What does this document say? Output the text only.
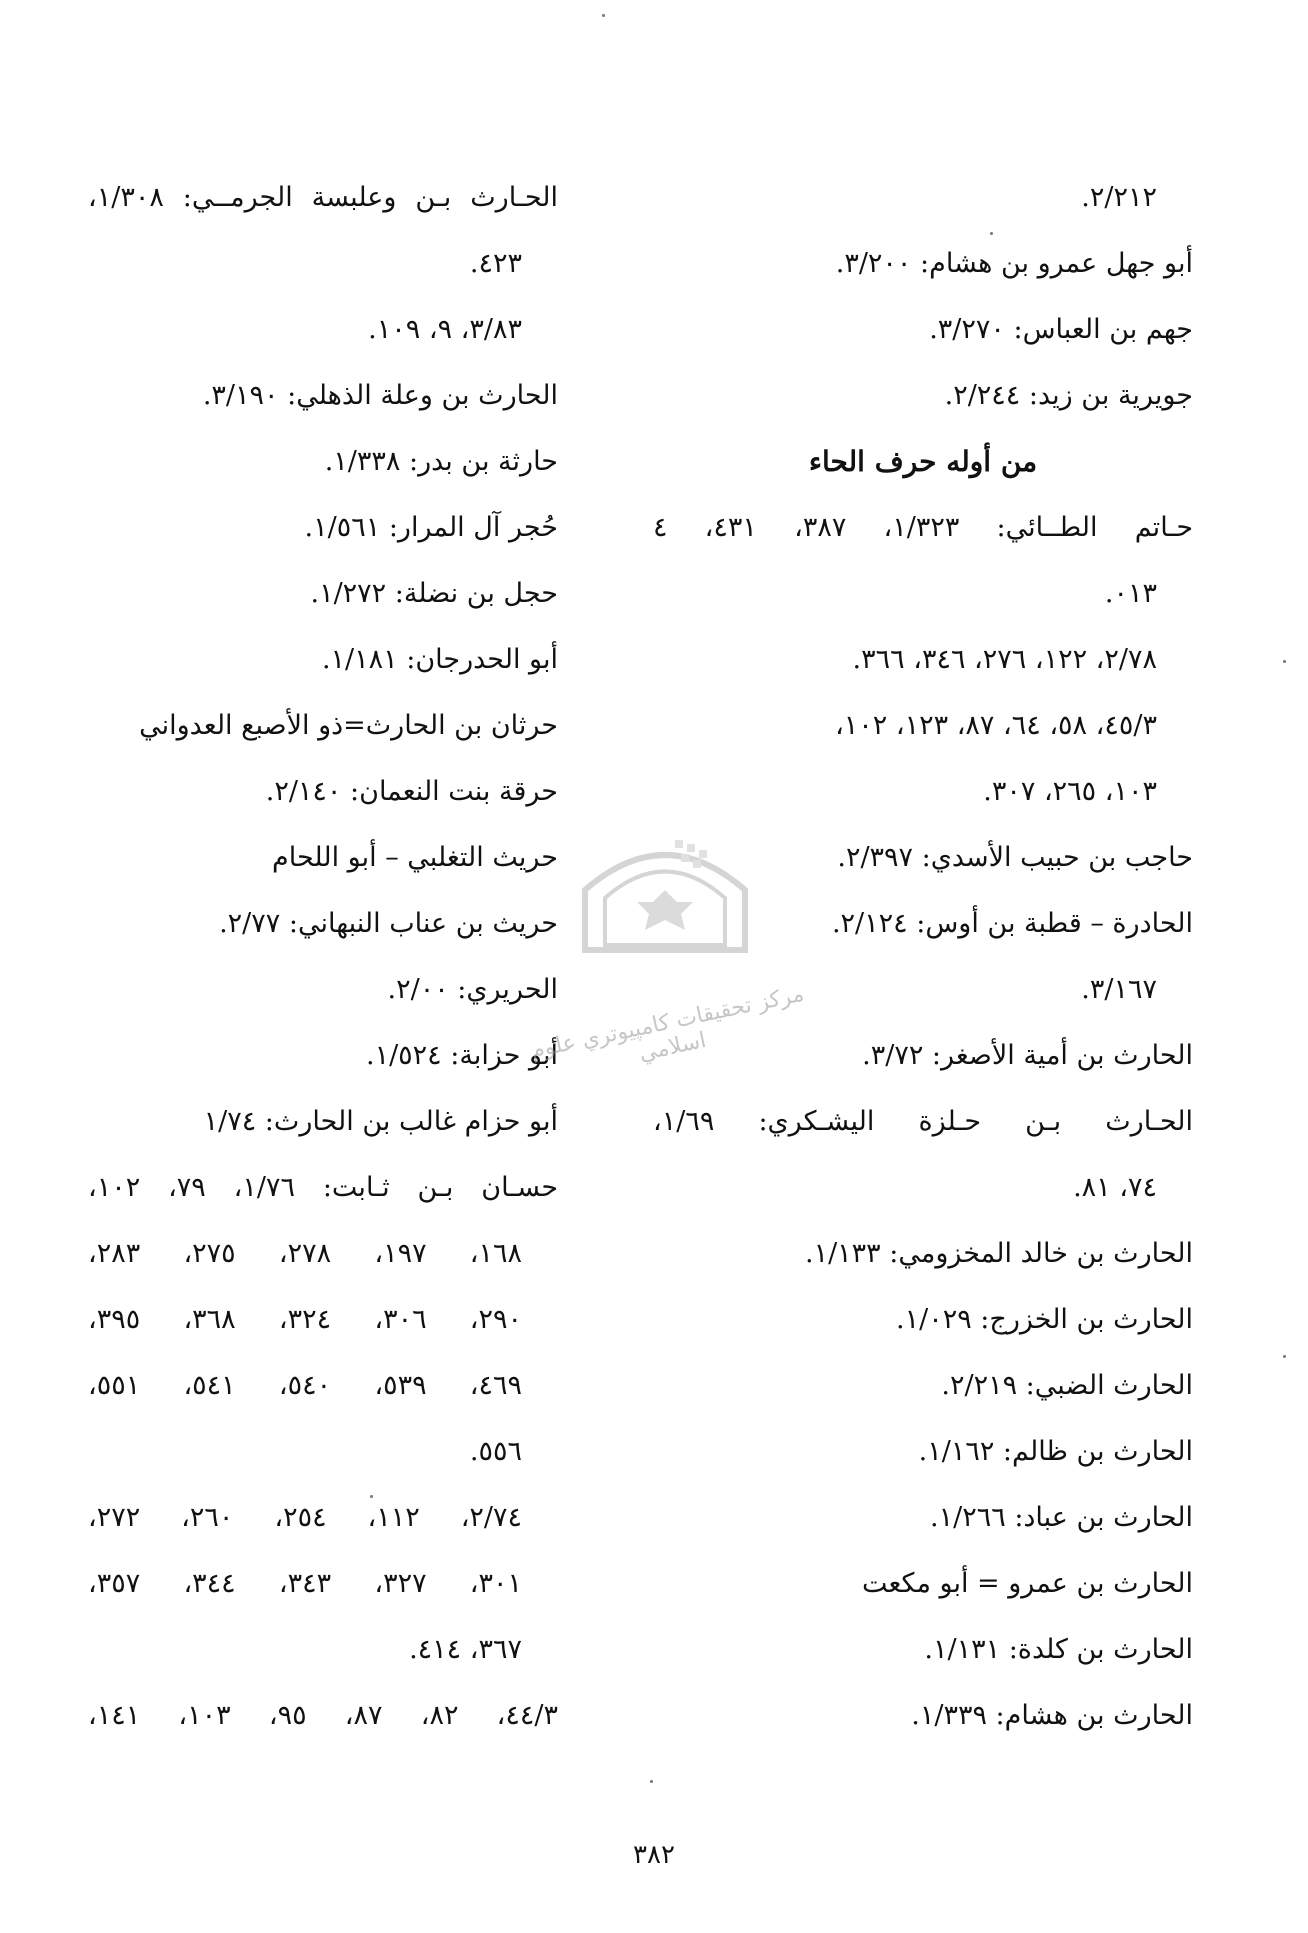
۲/۲۱۲.
أبو جهل عمرو بن هشام: ۳/۲۰۰.
جهم بن العباس: ۳/۲۷۰.
جويرية بن زيد: ۲/۲٤٤.
من أوله حرف الحاء
حـاتم الطــائي: ۱/۳۲۳، ۳۸۷، ٤۳۱، ٤
۰۱۳.
۲/۷۸، ۱۲۲، ۲۷٦، ۳٤٦، ۳٦٦.
۳/٤٥، ٥٨، ٦٤، ۸۷، ۱۲۳، ۱۰۲،
۱۰۳، ۲٦٥، ۳۰۷.
حاجب بن حبيب الأسدي: ۲/۳۹۷.
الحادرة – قطبة بن أوس: ۲/۱۲٤.
۳/۱٦۷.
الحارث بن أمية الأصغر: ۳/۷۲.
الحـارث بـن حـلزة اليشـكري: ۱/٦٩،
۷٤، ۸۱.
الحارث بن خالد المخزومي: ۱/۱۳۳.
الحارث بن الخزرج: ۱/۰۲۹.
الحارث الضبي: ۲/۲۱۹.
الحارث بن ظالم: ۱/۱٦۲.
الحارث بن عباد: ۱/۲٦٦.
الحارث بن عمرو = أبو مكعت
الحارث بن كلدة: ۱/۱۳۱.
الحارث بن هشام: ۱/۳۳۹.
الحـارث بـن وعلبسة الجرمــي: ۱/۳۰۸،
٤۲۳.
۳/۸۳، ۹، ۱۰۹.
الحارث بن وعلة الذهلي: ۳/۱۹۰.
حارثة بن بدر: ۱/۳۳۸.
حُجر آل المرار: ۱/٥٦۱.
حجل بن نضلة: ۱/۲۷۲.
أبو الحدرجان: ۱/۱۸۱.
حرثان بن الحارث=ذو الأصبع العدواني
حرقة بنت النعمان: ۲/۱٤۰.
حريث التغلبي – أبو اللحام
حريث بن عناب النبهاني: ۲/۷۷.
الحريري: ۲/۰۰.
أبو حزابة: ۱/٥۲٤.
أبو حزام غالب بن الحارث: ۱/۷٤
حسـان بـن ثـابت: ۱/۷٦، ۷۹، ۱۰۲،
۱٦۸، ۱۹۷، ۲۷۸، ۲۷٥، ۲۸۳،
۲۹۰، ۳۰٦، ۳۲٤، ۳٦۸، ۳۹٥،
٤٦۹، ٥۳۹، ٥٤۰، ٥٤۱، ٥٥۱،
٥٥٦.
۲/۷٤، ۱۱۲، ۲٥٤، ۲٦۰، ۲۷۲،
۳۰۱، ۳۲۷، ۳٤۳، ۳٤٤، ۳٥۷،
۳٦۷، ٤۱٤.
۳/٤٤، ۸۲، ۸۷، ۹٥، ۱۰۳، ۱٤۱،
مركز تحقيقات كامپيوتري علوم اسلامي
۳۸۲
